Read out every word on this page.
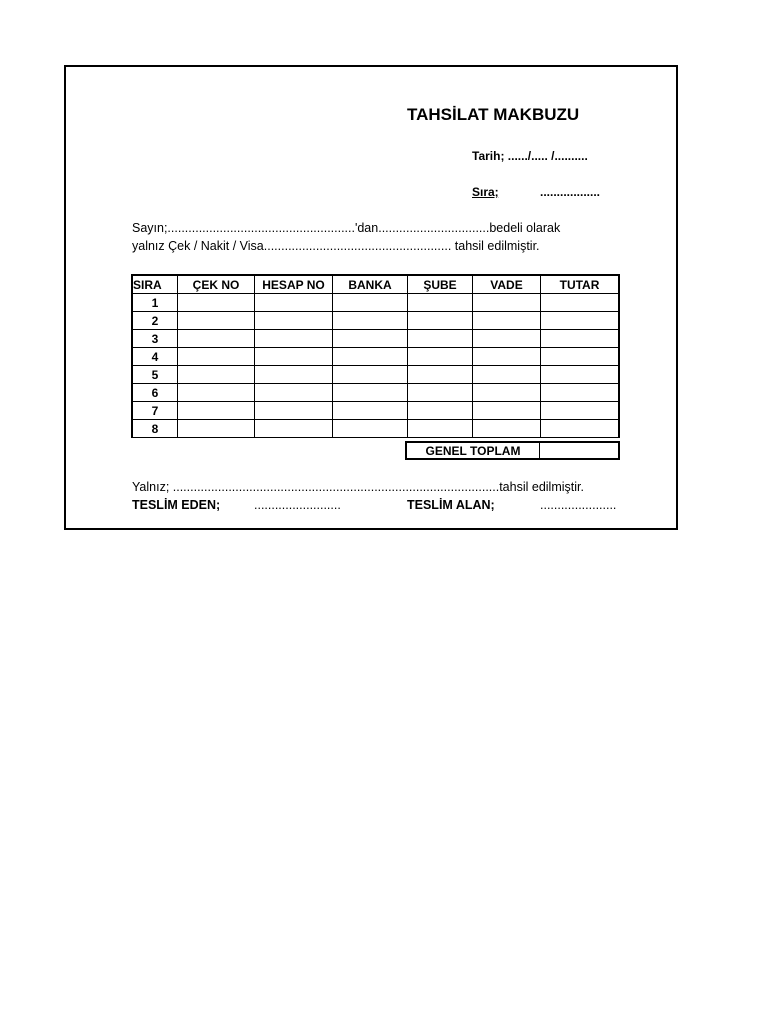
TAHSİLAT MAKBUZU
Tarih; ....../..... /..........
Sıra;	..................
Sayın;......................................................'dan................................bedeli olarak
yalnız Çek / Nakit / Visa...................................................... tahsil edilmiştir.
SIRA	ÇEK NO	HESAP NO	BANKA	ŞUBE	VADE	TUTAR
1						
2						
3						
4						
5						
6						
7						
8						
GENEL TOPLAM
Yalnız; ..............................................................................................tahsil edilmiştir.
TESLİM EDEN;	.........................	TESLİM ALAN;	......................
